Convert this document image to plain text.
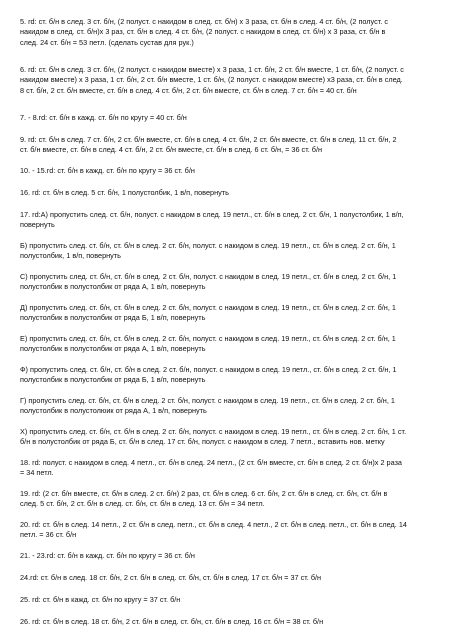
5. rd: ст. б/н в след. 3 ст. б/н, (2 полуст. с накидом в след. ст. б/н) х 3 раза, ст. б/н в след. 4 ст. б/н, (2 полуст. с
накидом в след. ст. б/н)х 3 раз, ст. б/н в след. 4 ст. б/н, (2 полуст. с накидом в след. ст. б/н) х 3 раза, ст. б/н в
след. 24 ст. б/н = 53 петл. (сделать сустав для рук.)

6. rd: ст. б/н в след. 3 ст. б/н, (2 полуст. с накидом вместе) х 3 раза, 1 ст. б/н, 2 ст. б/н вместе, 1 ст. б/н, (2 полуст. с
накидом вместе) х 3 раза, 1 ст. б/н, 2 ст. б/н вместе, 1 ст. б/н, (2 полуст. с накидом вместе) х3 раза, ст. б/н в след.
8 ст. б/н, 2 ст. б/н вместе, ст. б/н в след. 4 ст. б/н, 2 ст. б/н вместе, ст. б/н в след. 7 ст. б/н = 40 ст. б/н

7. - 8.rd: ст. б/н в кажд. ст. б/н по кругу = 40 ст. б/н

9. rd: ст. б/н в след. 7 ст. б/н, 2 ст. б/н вместе, ст. б/н в след. 4 ст. б/н, 2 ст. б/н вместе, ст. б/н в след. 11 ст. б/н, 2
ст. б/н вместе, ст. б/н в след. 4 ст. б/н, 2 ст. б/н вместе, ст. б/н в след. 6 ст. б/н, = 36 ст. б/н

10. - 15.rd: ст. б/н в кажд. ст. б/н по кругу = 36 ст. б/н

16. rd: ст. б/н в след. 5 ст. б/н, 1 полустолбик, 1 в/п, повернуть

17. rd:А) пропустить след. ст. б/н, полуст. с накидом в след. 19 петл., ст. б/н в след. 2 ст. б/н, 1 полустолбик, 1 в/п,
повернуть

Б) пропустить след. ст. б/н, ст. б/н в след. 2 ст. б/н, полуст. с накидом в след. 19 петл., ст. б/н в след. 2 ст. б/н, 1
полустолбик, 1 в/п, повернуть

С) пропустить след. ст. б/н, ст. б/н в след. 2 ст. б/н, полуст. с накидом в след. 19 петл., ст. б/н в след. 2 ст. б/н, 1
полустолбик в полустолбик от ряда А, 1 в/п, повернуть

Д) пропустить след. ст. б/н, ст. б/н в след. 2 ст. б/н, полуст. с накидом в след. 19 петл., ст. б/н в след. 2 ст. б/н, 1
полустолбик в полустолбик от ряда Б, 1 в/п, повернуть

Е) пропустить след. ст. б/н, ст. б/н в след. 2 ст. б/н, полуст. с накидом в след. 19 петл., ст. б/н в след. 2 ст. б/н, 1
полустолбик в полустолбик от ряда А, 1 в/п, повернуть

Ф) пропустить след. ст. б/н, ст. б/н в след. 2 ст. б/н, полуст. с накидом в след. 19 петл., ст. б/н в след. 2 ст. б/н, 1
полустолбик в полустолбик от ряда Б, 1 в/п, повернуть

Г) пропустить след. ст. б/н, ст. б/н в след. 2 ст. б/н, полуст. с накидом в след. 19 петл., ст. б/н в след. 2 ст. б/н, 1
полустолбик в полустолюик от ряда А, 1 в/п, повернуть

Х) пропустить след. ст. б/н, ст. б/н в след. 2 ст. б/н, полуст. с накидом в след. 19 петл., ст. б/н в след. 2 ст. б/н, 1 ст.
б/н в полустолбик от ряда Б, ст. б/н в след. 17 ст. б/н, полуст. с накидом в след. 7 петл., вставить нов. метку

18. rd: полуст. с накидом в след. 4 петл., ст. б/н в след. 24 петл., (2 ст. б/н вместе, ст. б/н в след. 2 ст. б/н)х 2 раза
= 34 петл.

19. rd: (2 ст. б/н вместе, ст. б/н в след. 2 ст. б/н) 2 раз, ст. б/н в след. 6 ст. б/н, 2 ст. б/н в след. ст. б/н, ст. б/н в
след. 5 ст. б/н, 2 ст. б/н в след. ст. б/н, ст. б/н в след. 13 ст. б/н = 34 петл.

20. rd: ст. б/н в след. 14 петл., 2 ст. б/н в след. петл., ст. б/н в след. 4 петл., 2 ст. б/н в след. петл., ст. б/н в след. 14
петл. = 36 ст. б/н

21. - 23.rd: ст. б/н в кажд. ст. б/н по кругу = 36 ст. б/н

24.rd: ст. б/н в след. 18 ст. б/н, 2 ст. б/н в след. ст. б/н, ст. б/н в след. 17 ст. б/н = 37 ст. б/н

25. rd: ст. б/н в кажд. ст. б/н по кругу = 37 ст. б/н

26. rd: ст. б/н в след. 18 ст. б/н, 2 ст. б/н в след. ст. б/н, ст. б/н в след. 16 ст. б/н = 38 ст. б/н
